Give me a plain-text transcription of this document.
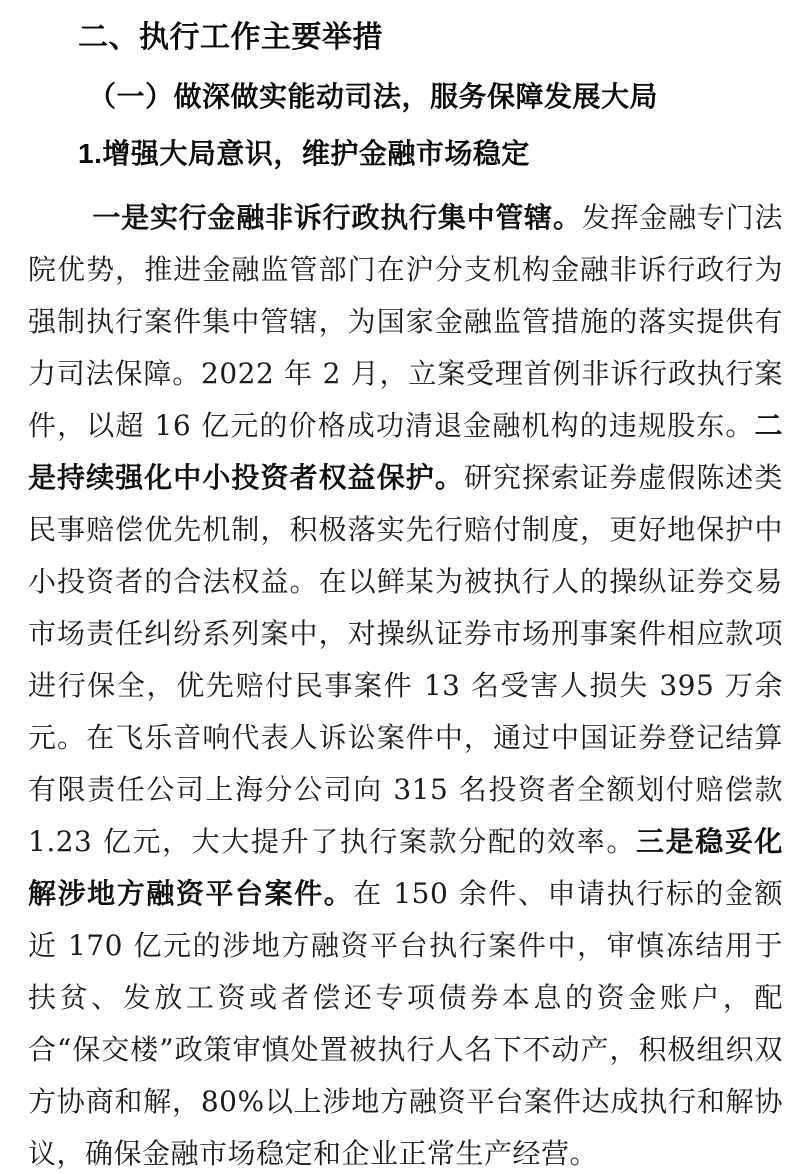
二、执行工作主要举措
（一）做深做实能动司法，服务保障发展大局
1.增强大局意识，维护金融市场稳定

一是实行金融非诉行政执行集中管辖。发挥金融专门法院优势，推进金融监管部门在沪分支机构金融非诉行政行为强制执行案件集中管辖，为国家金融监管措施的落实提供有力司法保障。2022 年 2 月，立案受理首例非诉行政执行案件，以超 16 亿元的价格成功清退金融机构的违规股东。二是持续强化中小投资者权益保护。研究探索证券虚假陈述类民事赔偿优先机制，积极落实先行赔付制度，更好地保护中小投资者的合法权益。在以鲜某为被执行人的操纵证券交易市场责任纠纷系列案中，对操纵证券市场刑事案件相应款项进行保全，优先赔付民事案件 13 名受害人损失 395 万余元。在飞乐音响代表人诉讼案件中，通过中国证券登记结算有限责任公司上海分公司向 315 名投资者全额划付赔偿款 1.23 亿元，大大提升了执行案款分配的效率。三是稳妥化解涉地方融资平台案件。在 150 余件、申请执行标的金额近 170 亿元的涉地方融资平台执行案件中，审慎冻结用于扶贫、发放工资或者偿还专项债券本息的资金账户，配合“保交楼”政策审慎处置被执行人名下不动产，积极组织双方协商和解，80%以上涉地方融资平台案件达成执行和解协议，确保金融市场稳定和企业正常生产经营。
